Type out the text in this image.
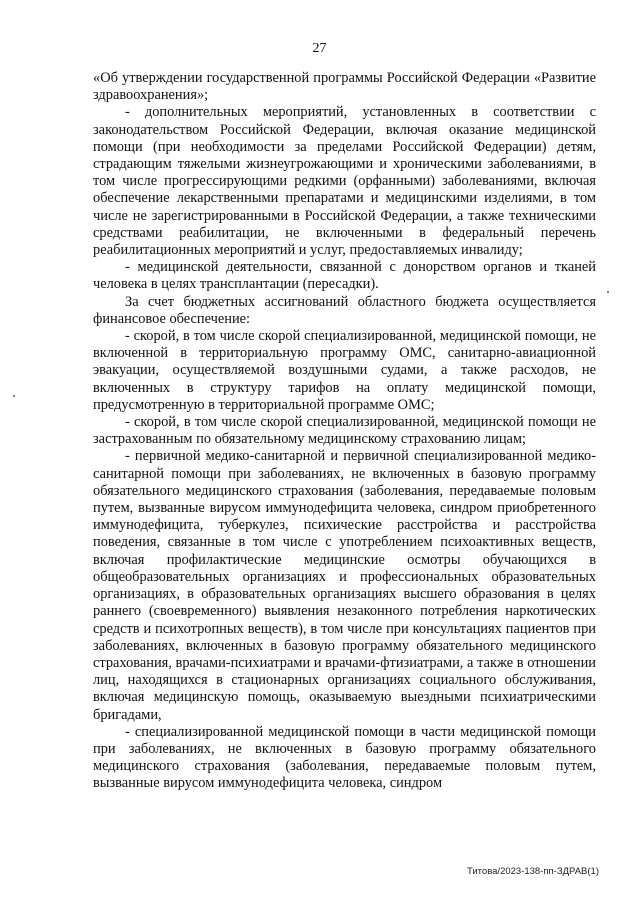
27

«Об утверждении государственной программы Российской Федерации «Развитие здравоохранения»;

- дополнительных мероприятий, установленных в соответствии с законодательством Российской Федерации, включая оказание медицинской помощи (при необходимости за пределами Российской Федерации) детям, страдающим тяжелыми жизнеугрожающими и хроническими заболеваниями, в том числе прогрессирующими редкими (орфанными) заболеваниями, включая обеспечение лекарственными препаратами и медицинскими изделиями, в том числе не зарегистрированными в Российской Федерации, а также техническими средствами реабилитации, не включенными в федеральный перечень реабилитационных мероприятий и услуг, предоставляемых инвалиду;

- медицинской деятельности, связанной с донорством органов и тканей человека в целях трансплантации (пересадки).

За счет бюджетных ассигнований областного бюджета осуществляется финансовое обеспечение:

- скорой, в том числе скорой специализированной, медицинской помощи, не включенной в территориальную программу ОМС, санитарно-авиационной эвакуации, осуществляемой воздушными судами, а также расходов, не включенных в структуру тарифов на оплату медицинской помощи, предусмотренную в территориальной программе ОМС;

- скорой, в том числе скорой специализированной, медицинской помощи не застрахованным по обязательному медицинскому страхованию лицам;

- первичной медико-санитарной и первичной специализированной медико-санитарной помощи при заболеваниях, не включенных в базовую программу обязательного медицинского страхования (заболевания, передаваемые половым путем, вызванные вирусом иммунодефицита человека, синдром приобретенного иммунодефицита, туберкулез, психические расстройства и расстройства поведения, связанные в том числе с употреблением психоактивных веществ, включая профилактические медицинские осмотры обучающихся в общеобразовательных организациях и профессиональных образовательных организациях, в образовательных организациях высшего образования в целях раннего (своевременного) выявления незаконного потребления наркотических средств и психотропных веществ), в том числе при консультациях пациентов при заболеваниях, включенных в базовую программу обязательного медицинского страхования, врачами-психиатрами и врачами-фтизиатрами, а также в отношении лиц, находящихся в стационарных организациях социального обслуживания, включая медицинскую помощь, оказываемую выездными психиатрическими бригадами,

- специализированной медицинской помощи в части медицинской помощи при заболеваниях, не включенных в базовую программу обязательного медицинского страхования (заболевания, передаваемые половым путем, вызванные вирусом иммунодефицита человека, синдром

Титова/2023-138-пп-ЗДРАВ(1)
